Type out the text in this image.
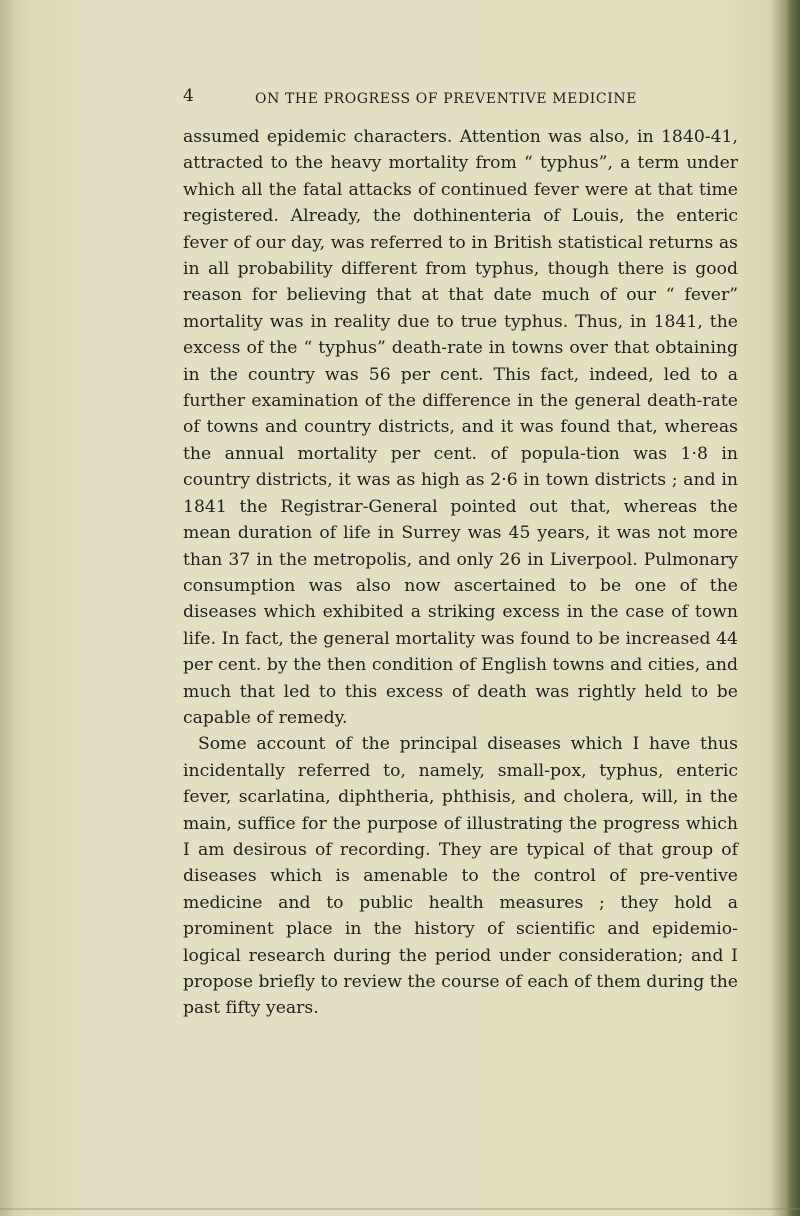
4	ON THE PROGRESS OF PREVENTIVE MEDICINE

assumed epidemic characters. Attention was also, in 1840-41, attracted to the heavy mortality from “ typhus”, a term under which all the fatal attacks of continued fever were at that time registered. Already, the dothinenteria of Louis, the enteric fever of our day, was referred to in British statistical returns as in all probability different from typhus, though there is good reason for believing that at that date much of our “ fever” mortality was in reality due to true typhus. Thus, in 1841, the excess of the “ typhus” death-rate in towns over that obtaining in the country was 56 per cent. This fact, indeed, led to a further examination of the difference in the general death-rate of towns and country districts, and it was found that, whereas the annual mortality per cent. of popula-tion was 1·8 in country districts, it was as high as 2·6 in town districts ; and in 1841 the Registrar-General pointed out that, whereas the mean duration of life in Surrey was 45 years, it was not more than 37 in the metropolis, and only 26 in Liverpool. Pulmonary consumption was also now ascertained to be one of the diseases which exhibited a striking excess in the case of town life. In fact, the general mortality was found to be increased 44 per cent. by the then condition of English towns and cities, and much that led to this excess of death was rightly held to be capable of remedy.

Some account of the principal diseases which I have thus incidentally referred to, namely, small-pox, typhus, enteric fever, scarlatina, diphtheria, phthisis, and cholera, will, in the main, suffice for the purpose of illustrating the progress which I am desirous of recording. They are typical of that group of diseases which is amenable to the control of pre-ventive medicine and to public health measures ; they hold a prominent place in the history of scientific and epidemio-logical research during the period under consideration; and I propose briefly to review the course of each of them during the past fifty years.
